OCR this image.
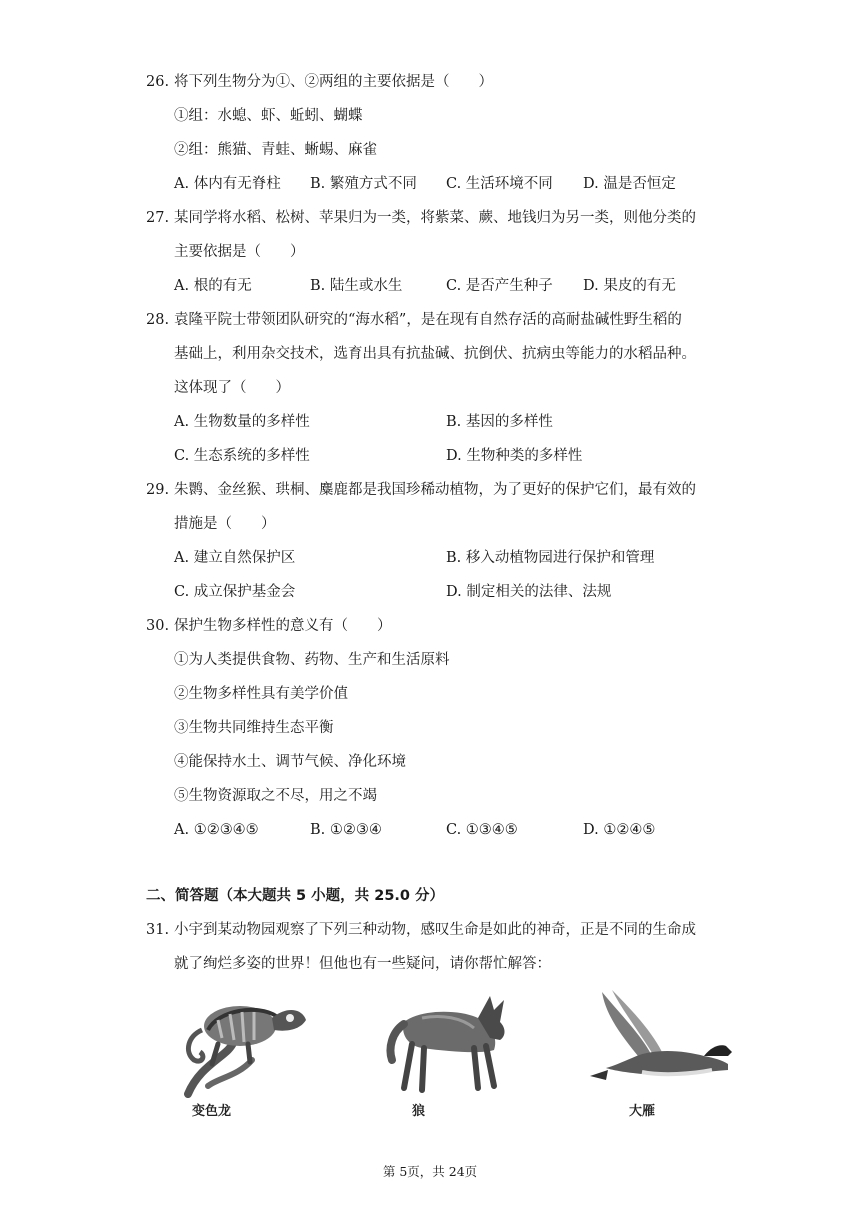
26. 将下列生物分为①、②两组的主要依据是（　　）
①组：水螅、虾、蚯蚓、蝴蝶
②组：熊猫、青蛙、蜥蜴、麻雀
A. 体内有无脊柱 B. 繁殖方式不同 C. 生活环境不同 D. 温是否恒定
27. 某同学将水稻、松树、苹果归为一类，将紫菜、蕨、地钱归为另一类，则他分类的
主要依据是（　　）
A. 根的有无	B. 陆生或水生	C. 是否产生种子 D. 果皮的有无
28. 袁隆平院士带领团队研究的“海水稻”，是在现有自然存活的高耐盐碱性野生稻的
基础上，利用杂交技术，选育出具有抗盐碱、抗倒伏、抗病虫等能力的水稻品种。
这体现了（　　）
A. 生物数量的多样性	B. 基因的多样性
C. 生态系统的多样性	D. 生物种类的多样性
29. 朱鹮、金丝猴、珙桐、麋鹿都是我国珍稀动植物，为了更好的保护它们，最有效的
措施是（　　）
A. 建立自然保护区	B. 移入动植物园进行保护和管理
C. 成立保护基金会	D. 制定相关的法律、法规
30. 保护生物多样性的意义有（　　）
①为人类提供食物、药物、生产和生活原料
②生物多样性具有美学价值
③生物共同维持生态平衡
④能保持水土、调节气候、净化环境
⑤生物资源取之不尽，用之不竭
A. ①②③④⑤	B. ①②③④	C. ①③④⑤	D. ①②④⑤
二、简答题（本大题共 5 小题，共 25.0 分）
31. 小宇到某动物园观察了下列三种动物，感叹生命是如此的神奇，正是不同的生命成
就了绚烂多姿的世界！但他也有一些疑问，请你帮忙解答：
变色龙	狼	大雁
第 5页，共 24页
